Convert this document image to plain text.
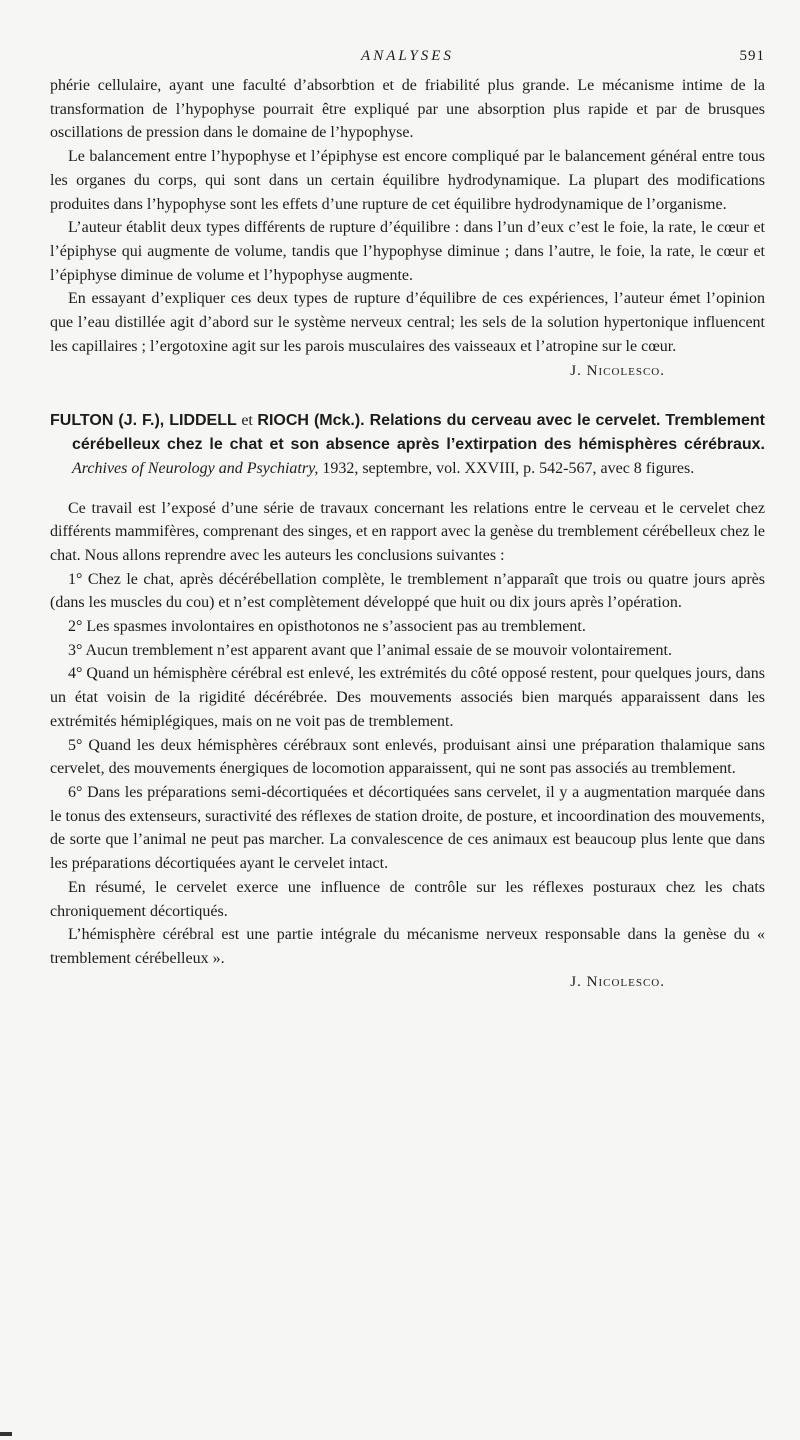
ANALYSES	591

phérie cellulaire, ayant une faculté d’absorbtion et de friabilité plus grande. Le mécanisme intime de la transformation de l’hypophyse pourrait être expliqué par une absorption plus rapide et par de brusques oscillations de pression dans le domaine de l’hypophyse.

Le balancement entre l’hypophyse et l’épiphyse est encore compliqué par le balancement général entre tous les organes du corps, qui sont dans un certain équilibre hydrodynamique. La plupart des modifications produites dans l’hypophyse sont les effets d’une rupture de cet équilibre hydrodynamique de l’organisme.

L’auteur établit deux types différents de rupture d’équilibre : dans l’un d’eux c’est le foie, la rate, le cœur et l’épiphyse qui augmente de volume, tandis que l’hypophyse diminue ; dans l’autre, le foie, la rate, le cœur et l’épiphyse diminue de volume et l’hypophyse augmente.

En essayant d’expliquer ces deux types de rupture d’équilibre de ces expériences, l’auteur émet l’opinion que l’eau distillée agit d’abord sur le système nerveux central; les sels de la solution hypertonique influencent les capillaires ; l’ergotoxine agit sur les parois musculaires des vaisseaux et l’atropine sur le cœur.

J. Nicolesco.

FULTON (J. F.), LIDDELL et RIOCH (Mck.). Relations du cerveau avec le cervelet. Tremblement cérébelleux chez le chat et son absence après l’extirpation des hémisphères cérébraux. Archives of Neurology and Psychiatry, 1932, septembre, vol. XXVIII, p. 542-567, avec 8 figures.

Ce travail est l’exposé d’une série de travaux concernant les relations entre le cerveau et le cervelet chez différents mammifères, comprenant des singes, et en rapport avec la genèse du tremblement cérébelleux chez le chat. Nous allons reprendre avec les auteurs les conclusions suivantes :

1° Chez le chat, après décérébellation complète, le tremblement n’apparaît que trois ou quatre jours après (dans les muscles du cou) et n’est complètement développé que huit ou dix jours après l’opération.

2° Les spasmes involontaires en opisthotonos ne s’associent pas au tremblement.

3° Aucun tremblement n’est apparent avant que l’animal essaie de se mouvoir volontairement.

4° Quand un hémisphère cérébral est enlevé, les extrémités du côté opposé restent, pour quelques jours, dans un état voisin de la rigidité décérébrée. Des mouvements associés bien marqués apparaissent dans les extrémités hémiplégiques, mais on ne voit pas de tremblement.

5° Quand les deux hémisphères cérébraux sont enlevés, produisant ainsi une préparation thalamique sans cervelet, des mouvements énergiques de locomotion apparaissent, qui ne sont pas associés au tremblement.

6° Dans les préparations semi-décortiquées et décortiquées sans cervelet, il y a augmentation marquée dans le tonus des extenseurs, suractivité des réflexes de station droite, de posture, et incoordination des mouvements, de sorte que l’animal ne peut pas marcher. La convalescence de ces animaux est beaucoup plus lente que dans les préparations décortiquées ayant le cervelet intact.

En résumé, le cervelet exerce une influence de contrôle sur les réflexes posturaux chez les chats chroniquement décortiqués.

L’hémisphère cérébral est une partie intégrale du mécanisme nerveux responsable dans la genèse du « tremblement cérébelleux ».

J. Nicolesco.
